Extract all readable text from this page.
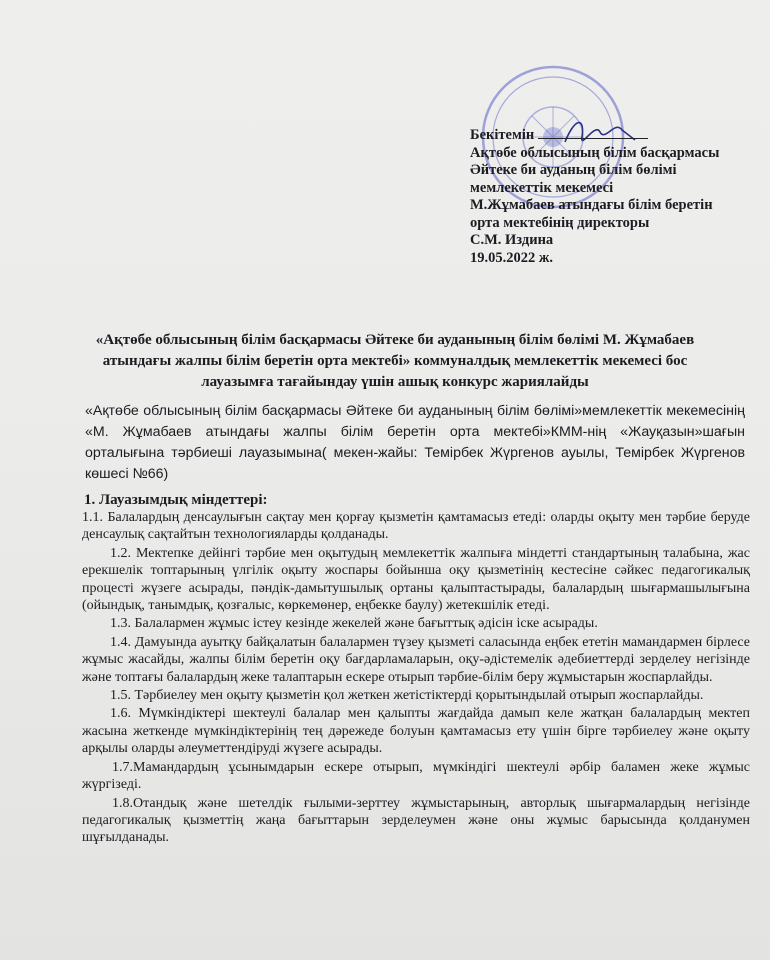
Бекітемін
Ақтөбе облысының білім басқармасы
Әйтеке би ауданың білім бөлімі
мемлекеттік мекемесі
М.Жұмабаев атындағы білім беретін
орта мектебінің директоры
С.М. Издина
19.05.2022 ж.
«Ақтөбе облысының білім басқармасы Әйтеке би ауданының білім бөлімі М. Жұмабаев
атындағы жалпы білім беретін орта мектебі» коммуналдық мемлекеттік мекемесі бос
лауазымға тағайындау үшін ашық конкурс жариялайды
«Ақтөбе облысының білім басқармасы Әйтеке би ауданының білім бөлімі»мемлекеттік мекемесінің «М. Жұмабаев атындағы жалпы білім беретін орта мектебі»КММ-нің «Жауқазын»шағын орталығына тәрбиеші лауазымына( мекен-жайы: Темірбек Жүргенов ауылы, Темірбек Жүргенов көшесі №66)
1. Лауазымдық міндеттері:

1.1. Балалардың денсаулығын сақтау мен қорғау қызметін қамтамасыз етеді: оларды оқыту мен тәрбие беруде денсаулық сақтайтын технологияларды қолданады.

1.2. Мектепке дейінгі тәрбие мен оқытудың мемлекеттік жалпыға міндетті стандартының талабына, жас ерекшелік топтарының үлгілік оқыту жоспары бойынша оқу қызметінің кестесіне сәйкес педагогикалық процесті жүзеге асырады, пәндік-дамытушылық ортаны қалыптастырады, балалардың шығармашылығына (ойындық, танымдық, қозғалыс, көркемөнер, еңбекке баулу) жетекшілік етеді.

1.3. Балалармен жұмыс істеу кезінде жекелей және бағыттық әдісін іске асырады.

1.4. Дамуында ауытқу байқалатын балалармен түзеу қызметі саласында еңбек ететін мамандармен бірлесе жұмыс жасайды, жалпы білім беретін оқу бағдарламаларын, оқу-әдістемелік әдебиеттерді зерделеу негізінде және топтағы балалардың жеке талаптарын ескере отырып тәрбие-білім беру жұмыстарын жоспарлайды.

1.5. Тәрбиелеу мен оқыту қызметін қол жеткен жетістіктерді қорытындылай отырып жоспарлайды.

1.6. Мүмкіндіктері шектеулі балалар мен қалыпты жағдайда дамып келе жатқан балалардың мектеп жасына жеткенде мүмкіндіктерінің тең дәрежеде болуын қамтамасыз ету үшін бірге тәрбиелеу және оқыту арқылы оларды әлеуметтендіруді жүзеге асырады.

1.7.Мамандардың ұсынымдарын ескере отырып, мүмкіндігі шектеулі әрбір баламен жеке жұмыс жүргізеді.

1.8.Отандық және шетелдік ғылыми-зерттеу жұмыстарының, авторлық шығармалардың негізінде педагогикалық қызметтің жаңа бағыттарын зерделеумен және оны жұмыс барысында қолданумен шұғылданады.
